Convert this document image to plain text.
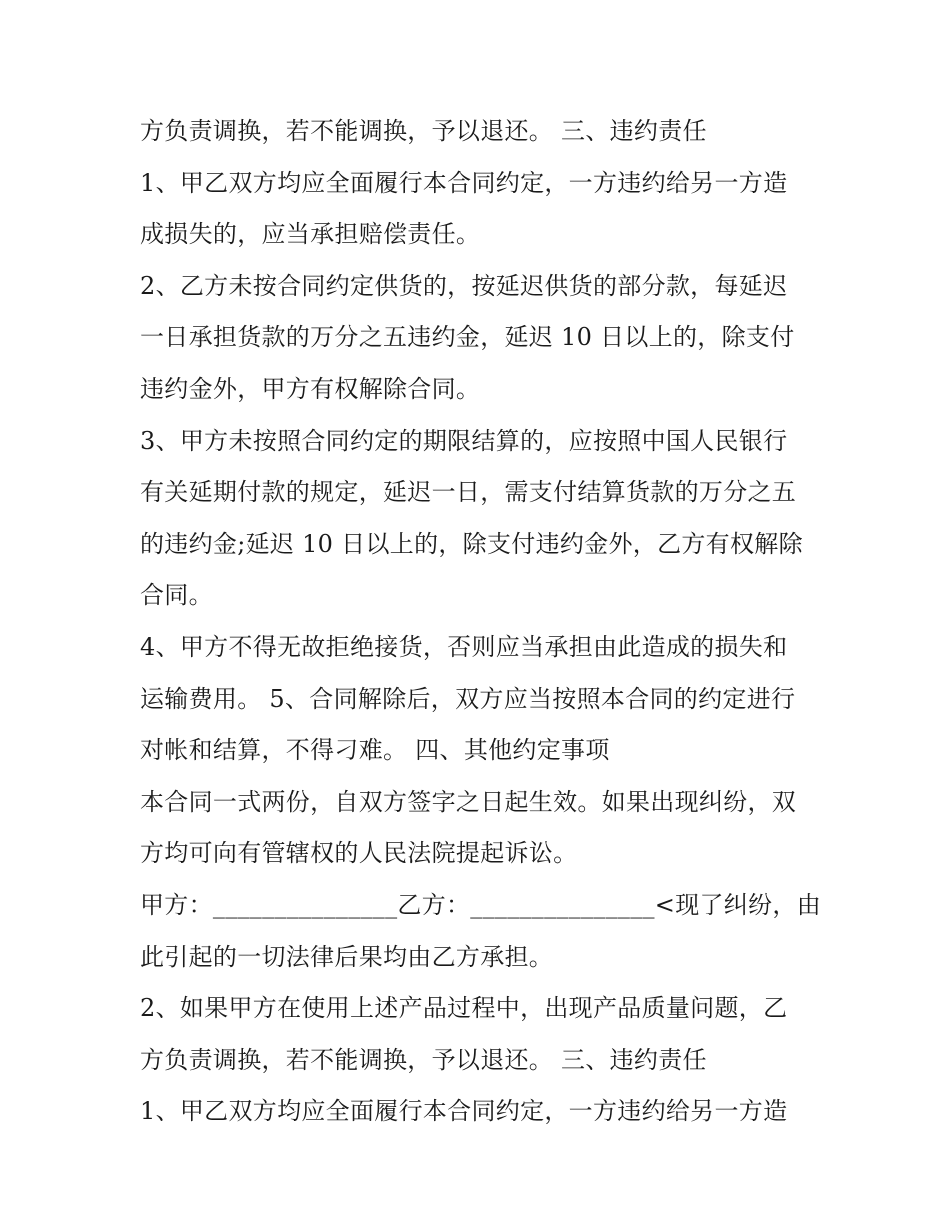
方负责调换，若不能调换，予以退还。 三、违约责任
1、甲乙双方均应全面履行本合同约定，一方违约给另一方造
成损失的，应当承担赔偿责任。
2、乙方未按合同约定供货的，按延迟供货的部分款，每延迟
一日承担货款的万分之五违约金，延迟 10 日以上的，除支付
违约金外，甲方有权解除合同。
3、甲方未按照合同约定的期限结算的，应按照中国人民银行
有关延期付款的规定，延迟一日，需支付结算货款的万分之五
的违约金;延迟 10 日以上的，除支付违约金外，乙方有权解除
合同。
4、甲方不得无故拒绝接货，否则应当承担由此造成的损失和
运输费用。 5、合同解除后，双方应当按照本合同的约定进行
对帐和结算，不得刁难。 四、其他约定事项
本合同一式两份，自双方签字之日起生效。如果出现纠纷，双
方均可向有管辖权的人民法院提起诉讼。
甲方：_______________乙方：_______________<现了纠纷，由
此引起的一切法律后果均由乙方承担。
2、如果甲方在使用上述产品过程中，出现产品质量问题，乙
方负责调换，若不能调换，予以退还。 三、违约责任
1、甲乙双方均应全面履行本合同约定，一方违约给另一方造
